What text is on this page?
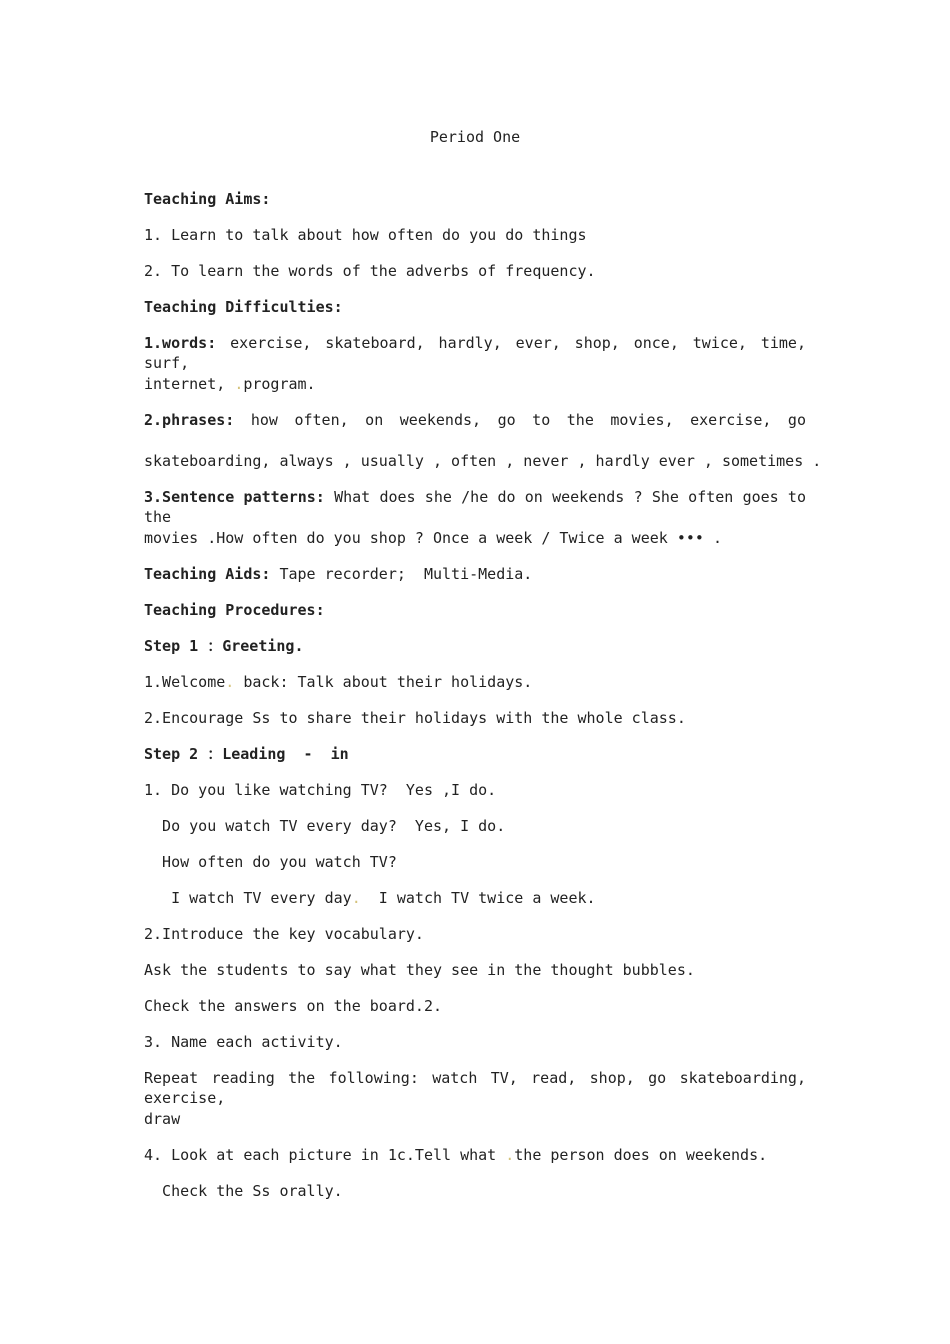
Period One
Teaching Aims:
1. Learn to talk about how often do you do things
2. To learn the words of the adverbs of frequency.
Teaching Difficulties:
1.words: exercise, skateboard, hardly, ever, shop, once, twice, time, surf,
internet, .program.
2.phrases: how often, on weekends, go to the movies, exercise, go
skateboarding, always , usually , often , never , hardly ever , sometimes .
3.Sentence patterns: What does she /he do on weekends ? She often goes to the
movies .How often do you shop ? Once a week / Twice a week ••• .
Teaching Aids: Tape recorder;  Multi-Media.
Teaching Procedures:
Step 1 ：Greeting.
1.Welcome. back: Talk about their holidays.
2.Encourage Ss to share their holidays with the whole class.
Step 2 ：Leading  -  in
1. Do you like watching TV?  Yes ,I do.
Do you watch TV every day?  Yes, I do.
How often do you watch TV?
I watch TV every day.  I watch TV twice a week.
2.Introduce the key vocabulary.
Ask the students to say what they see in the thought bubbles.
Check the answers on the board.2.
3. Name each activity.
Repeat reading the following: watch TV, read, shop, go skateboarding, exercise,
draw
4. Look at each picture in 1c.Tell what .the person does on weekends.
Check the Ss orally.
